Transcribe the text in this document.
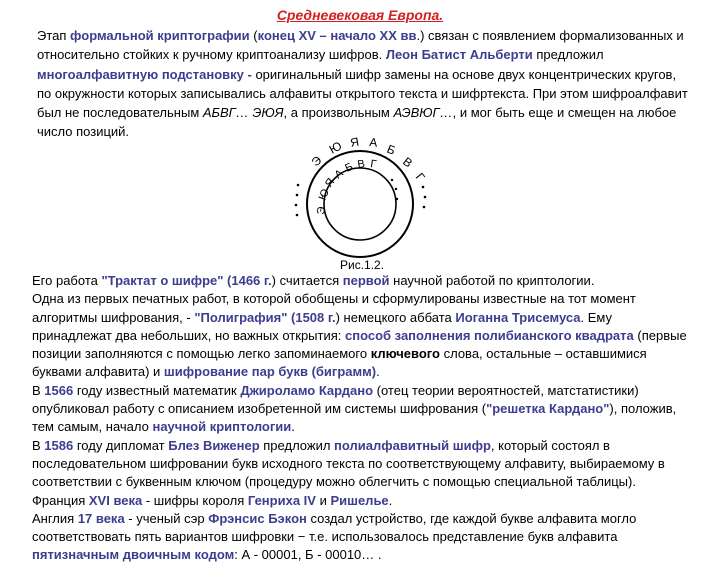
Средневековая Европа.

Этап формальной криптографии (конец XV – начало XX вв.) связан с появлением формализованных и относительно стойких к ручному криптоанализу шифров. Леон Батист Альберти предложил многоалфавитную подстановку - оригинальный шифр замены на основе двух концентрических кругов, по окружности которых записывались алфавиты открытого текста и шифртекста. При этом шифроалфавит был не последовательным АБВГ… ЭЮЯ, а произвольным АЭВЮГ…, и мог быть еще и смещен на любое число позиций.

Э
Ю Я А Б
В
Г
Э
Ю
Я
А
Б В Г
Рис.1.2.
Его работа "Трактат о шифре" (1466 г.) считается первой научной работой по криптологии.
Одна из первых печатных работ, в которой обобщены и сформулированы известные на тот момент алгоритмы шифрования, - "Полиграфия" (1508 г.) немецкого аббата Иоганна Трисемуса. Ему принадлежат два небольших, но важных открытия: способ заполнения полибианского квадрата (первые позиции заполняются с помощью легко запоминаемого ключевого слова, остальные – оставшимися буквами алфавита) и шифрование пар букв (биграмм).
В 1566 году известный математик Джироламо Кардано (отец теории вероятностей, матстатистики) опубликовал работу с описанием изобретенной им системы шифрования ("решетка Кардано"), положив, тем самым, начало научной криптологии.
В 1586 году дипломат Блез Виженер предложил полиалфавитный шифр, который состоял в последовательном шифровании букв исходного текста по соответствующему алфавиту, выбираемому в соответствии с буквенным ключом (процедуру можно облегчить с помощью специальной таблицы).
Франция XVI века - шифры короля Генриха IV и Ришелье.
Англия 17 века - ученый сэр Фрэнсис Бэкон создал устройство, где каждой букве алфавита могло соответствовать пять вариантов шифровки − т.е. использовалось представление букв алфавита пятизначным двоичным кодом: А - 00001, Б - 00010… .
